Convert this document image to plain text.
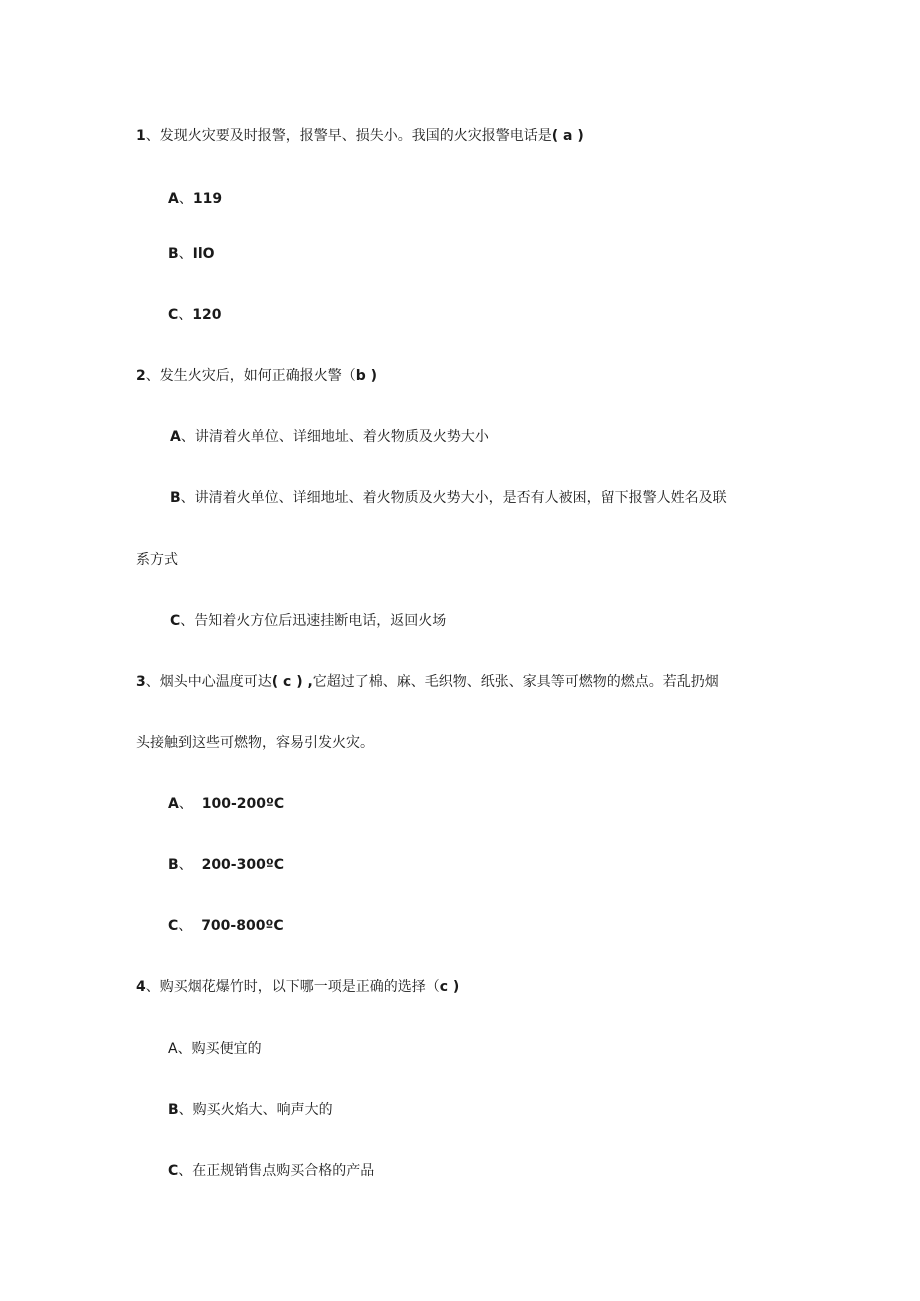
1、发现火灾要及时报警，报警早、损失小。我国的火灾报警电话是( a )
A、119
B、IlO
C、120
2、发生火灾后，如何正确报火警（b )
A、讲清着火单位、详细地址、着火物质及火势大小
B、讲清着火单位、详细地址、着火物质及火势大小，是否有人被困，留下报警人姓名及联
系方式
C、告知着火方位后迅速挂断电话，返回火场
3、烟头中心温度可达( c ) ,它超过了棉、麻、毛织物、纸张、家具等可燃物的燃点。若乱扔烟
头接触到这些可燃物，容易引发火灾。
A、 100-200ºC
B、 200-300ºC
C、 700-800ºC
4、购买烟花爆竹时，以下哪一项是正确的选择（c )
A、购买便宜的
B、购买火焰大、响声大的
C、在正规销售点购买合格的产品
